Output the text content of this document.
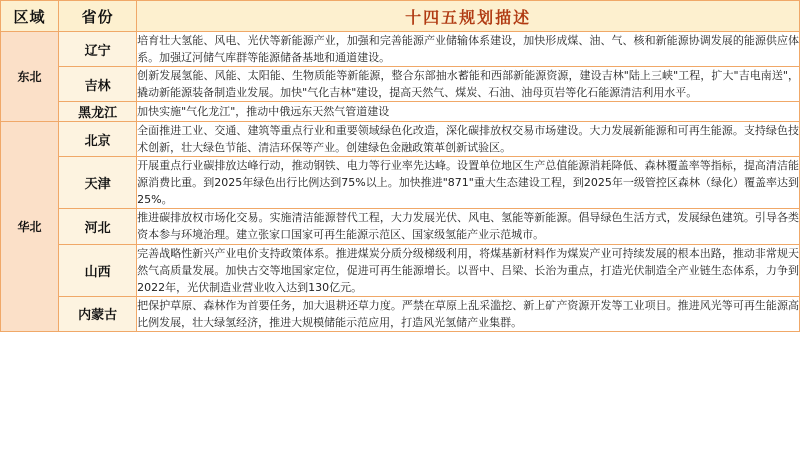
区域	省份	十四五规划描述
东北	辽宁	培育壮大氢能、风电、光伏等新能源产业，加强和完善能源产业储输体系建设，加快形成煤、油、气、核和新能源协调发展的能源供应体系。加强辽河储气库群等能源储备基地和通道建设。
	吉林	创新发展氢能、风能、太阳能、生物质能等新能源，整合东部抽水蓄能和西部新能源资源，建设吉林"陆上三峡"工程，扩大"吉电南送"，撬动新能源装备制造业发展。加快"气化吉林"建设，提高天然气、煤炭、石油、油母页岩等化石能源清洁利用水平。
	黑龙江	加快实施"气化龙江"，推动中俄远东天然气管道建设
华北	北京	全面推进工业、交通、建筑等重点行业和重要领域绿色化改造，深化碳排放权交易市场建设。大力发展新能源和可再生能源。支持绿色技术创新，壮大绿色节能、清洁环保等产业。创建绿色金融政策革创新试验区。
	天津	开展重点行业碳排放达峰行动，推动钢铁、电力等行业率先达峰。设置单位地区生产总值能源消耗降低、森林覆盖率等指标，提高清洁能源消费比重。到2025年绿色出行比例达到75%以上。加快推进"871"重大生态建设工程，到2025年一级管控区森林（绿化）覆盖率达到25%。
	河北	推进碳排放权市场化交易。实施清洁能源替代工程，大力发展光伏、风电、氢能等新能源。倡导绿色生活方式，发展绿色建筑。引导各类资本参与环境治理。建立张家口国家可再生能源示范区、国家级氢能产业示范城市。
	山西	完善战略性新兴产业电价支持政策体系。推进煤炭分质分级梯级利用，将煤基新材料作为煤炭产业可持续发展的根本出路，推动非常规天然气高质量发展。加快古交等地国家定位，促进可再生能源增长。以晋中、吕梁、长治为重点，打造光伏制造全产业链生态体系，力争到2022年，光伏制造业营业收入达到130亿元。
	内蒙古	把保护草原、森林作为首要任务，加大退耕还草力度。严禁在草原上乱采滥挖、新上矿产资源开发等工业项目。推进风光等可再生能源高比例发展，壮大绿氢经济，推进大规模储能示范应用，打造风光氢储产业集群。
